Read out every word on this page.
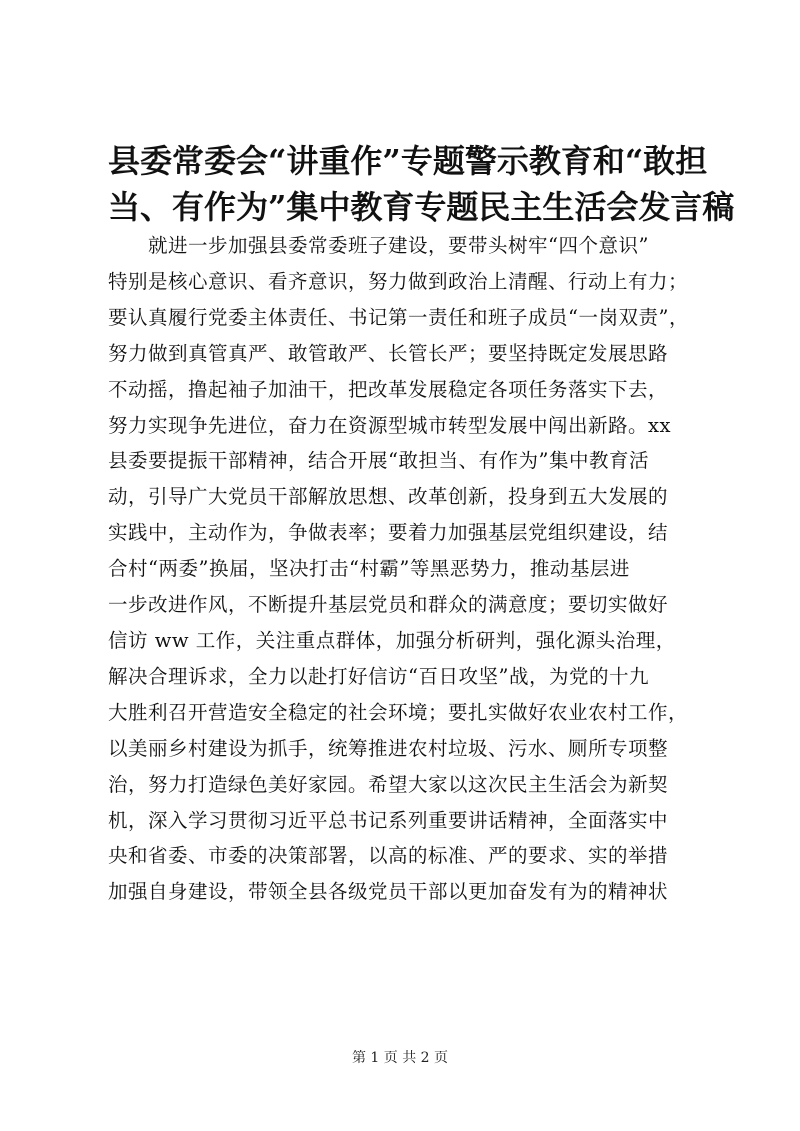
县委常委会“讲重作”专题警示教育和“敢担
当、有作为”集中教育专题民主生活会发言稿
就进一步加强县委常委班子建设，要带头树牢“四个意识”
特别是核心意识、看齐意识，努力做到政治上清醒、行动上有力；
要认真履行党委主体责任、书记第一责任和班子成员“一岗双责”，
努力做到真管真严、敢管敢严、长管长严；要坚持既定发展思路
不动摇，撸起袖子加油干，把改革发展稳定各项任务落实下去，
努力实现争先进位，奋力在资源型城市转型发展中闯出新路。xx
县委要提振干部精神，结合开展“敢担当、有作为”集中教育活
动，引导广大党员干部解放思想、改革创新，投身到五大发展的
实践中，主动作为，争做表率；要着力加强基层党组织建设，结
合村“两委”换届，坚决打击“村霸”等黑恶势力，推动基层进
一步改进作风，不断提升基层党员和群众的满意度；要切实做好
信访 ww 工作，关注重点群体，加强分析研判，强化源头治理，
解决合理诉求，全力以赴打好信访“百日攻坚”战，为党的十九
大胜利召开营造安全稳定的社会环境；要扎实做好农业农村工作，
以美丽乡村建设为抓手，统筹推进农村垃圾、污水、厕所专项整
治，努力打造绿色美好家园。希望大家以这次民主生活会为新契
机，深入学习贯彻习近平总书记系列重要讲话精神，全面落实中
央和省委、市委的决策部署，以高的标准、严的要求、实的举措
加强自身建设，带领全县各级党员干部以更加奋发有为的精神状
第 1 页 共 2 页
